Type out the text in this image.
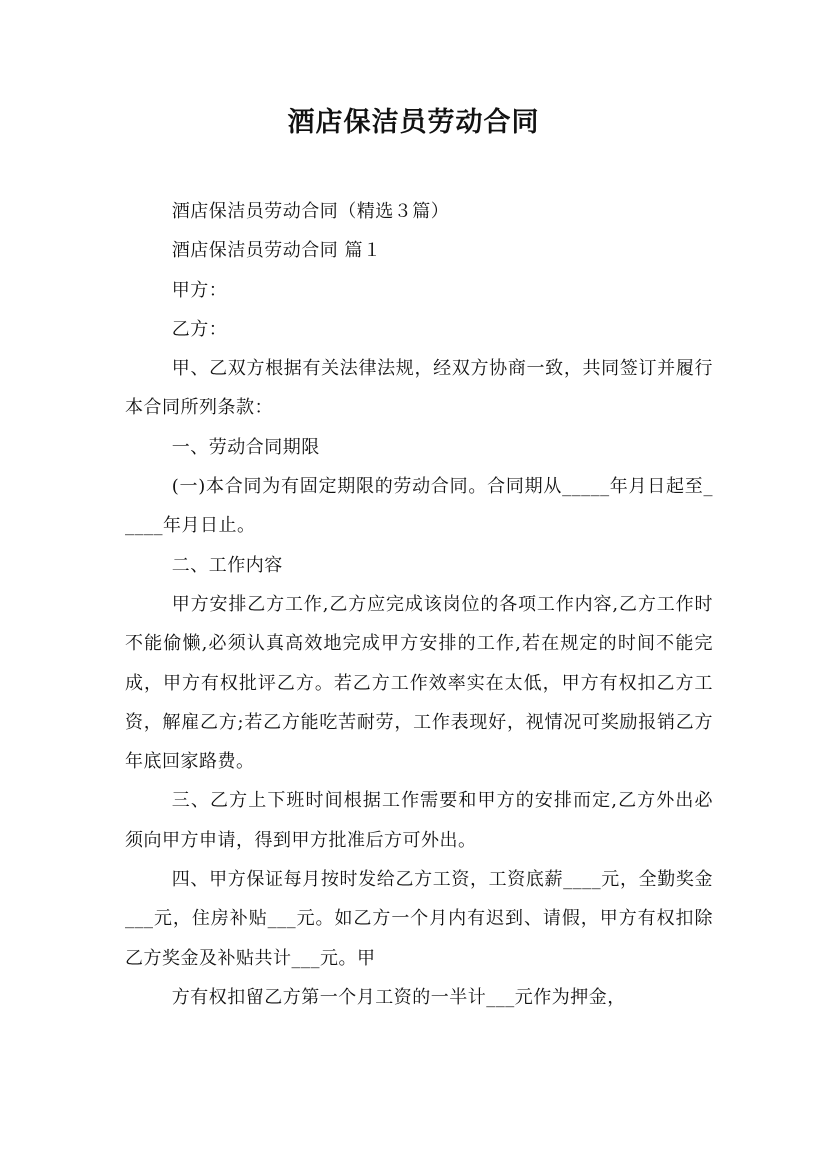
酒店保洁员劳动合同

酒店保洁员劳动合同（精选３篇）

酒店保洁员劳动合同 篇１

甲方：

乙方：

甲、乙双方根据有关法律法规，经双方协商一致，共同签订并履行本合同所列条款：

一、劳动合同期限

(一)本合同为有固定期限的劳动合同。合同期从_____年月日起至_____年月日止。

二、工作内容

甲方安排乙方工作,乙方应完成该岗位的各项工作内容,乙方工作时不能偷懒,必须认真高效地完成甲方安排的工作,若在规定的时间不能完成，甲方有权批评乙方。若乙方工作效率实在太低，甲方有权扣乙方工资，解雇乙方;若乙方能吃苦耐劳，工作表现好，视情况可奖励报销乙方年底回家路费。

三、乙方上下班时间根据工作需要和甲方的安排而定,乙方外出必须向甲方申请，得到甲方批准后方可外出。

四、甲方保证每月按时发给乙方工资，工资底薪____元，全勤奖金___元，住房补贴___元。如乙方一个月内有迟到、请假，甲方有权扣除乙方奖金及补贴共计___元。甲

方有权扣留乙方第一个月工资的一半计___元作为押金，
